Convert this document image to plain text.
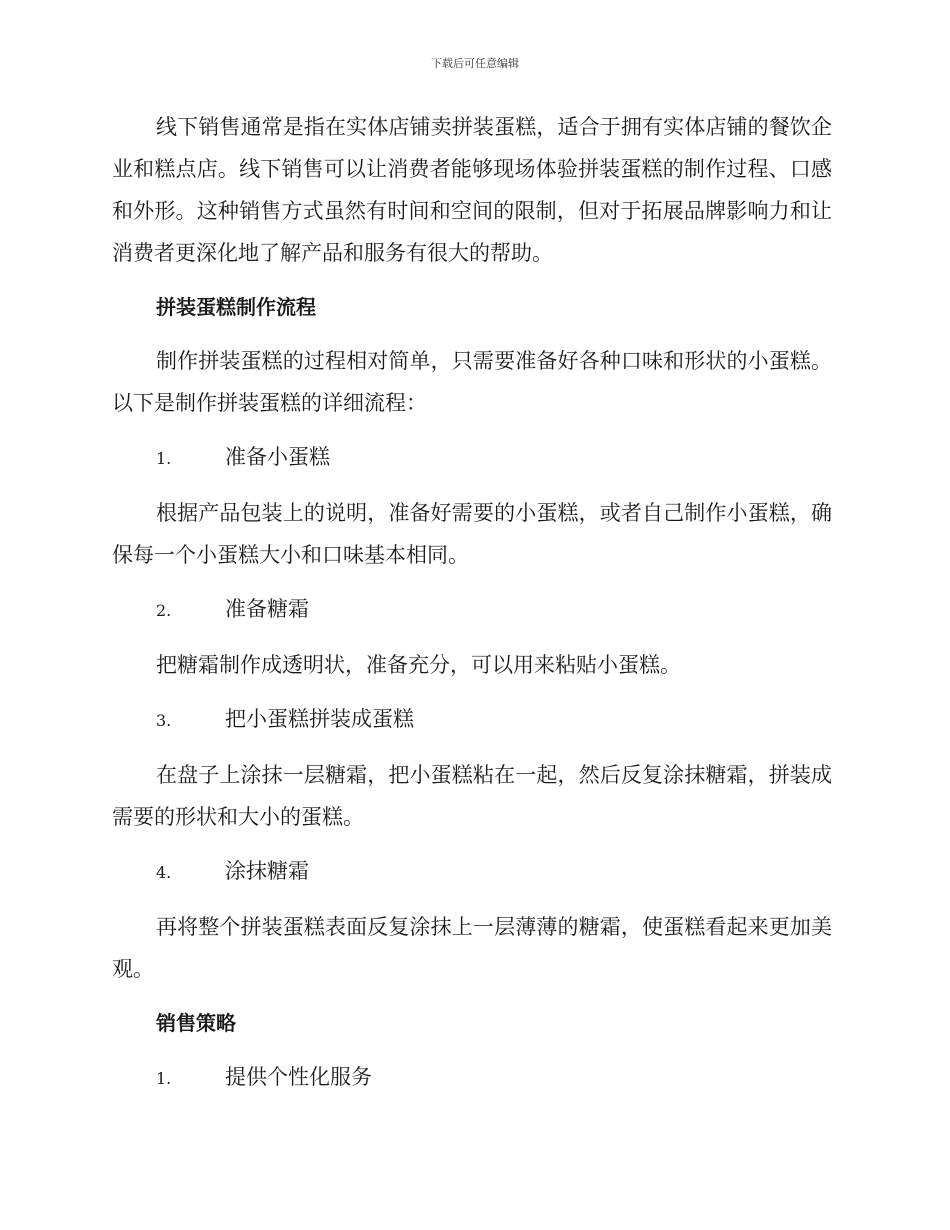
下载后可任意编辑

线下销售通常是指在实体店铺卖拼装蛋糕，适合于拥有实体店铺的餐饮企业和糕点店。线下销售可以让消费者能够现场体验拼装蛋糕的制作过程、口感和外形。这种销售方式虽然有时间和空间的限制，但对于拓展品牌影响力和让消费者更深化地了解产品和服务有很大的帮助。

拼装蛋糕制作流程

制作拼装蛋糕的过程相对简单，只需要准备好各种口味和形状的小蛋糕。以下是制作拼装蛋糕的详细流程：

1.	准备小蛋糕

根据产品包装上的说明，准备好需要的小蛋糕，或者自己制作小蛋糕，确保每一个小蛋糕大小和口味基本相同。

2.	准备糖霜

把糖霜制作成透明状，准备充分，可以用来粘贴小蛋糕。

3.	把小蛋糕拼装成蛋糕

在盘子上涂抹一层糖霜，把小蛋糕粘在一起，然后反复涂抹糖霜，拼装成需要的形状和大小的蛋糕。

4.	涂抹糖霜

再将整个拼装蛋糕表面反复涂抹上一层薄薄的糖霜，使蛋糕看起来更加美观。

销售策略
1.	提供个性化服务
